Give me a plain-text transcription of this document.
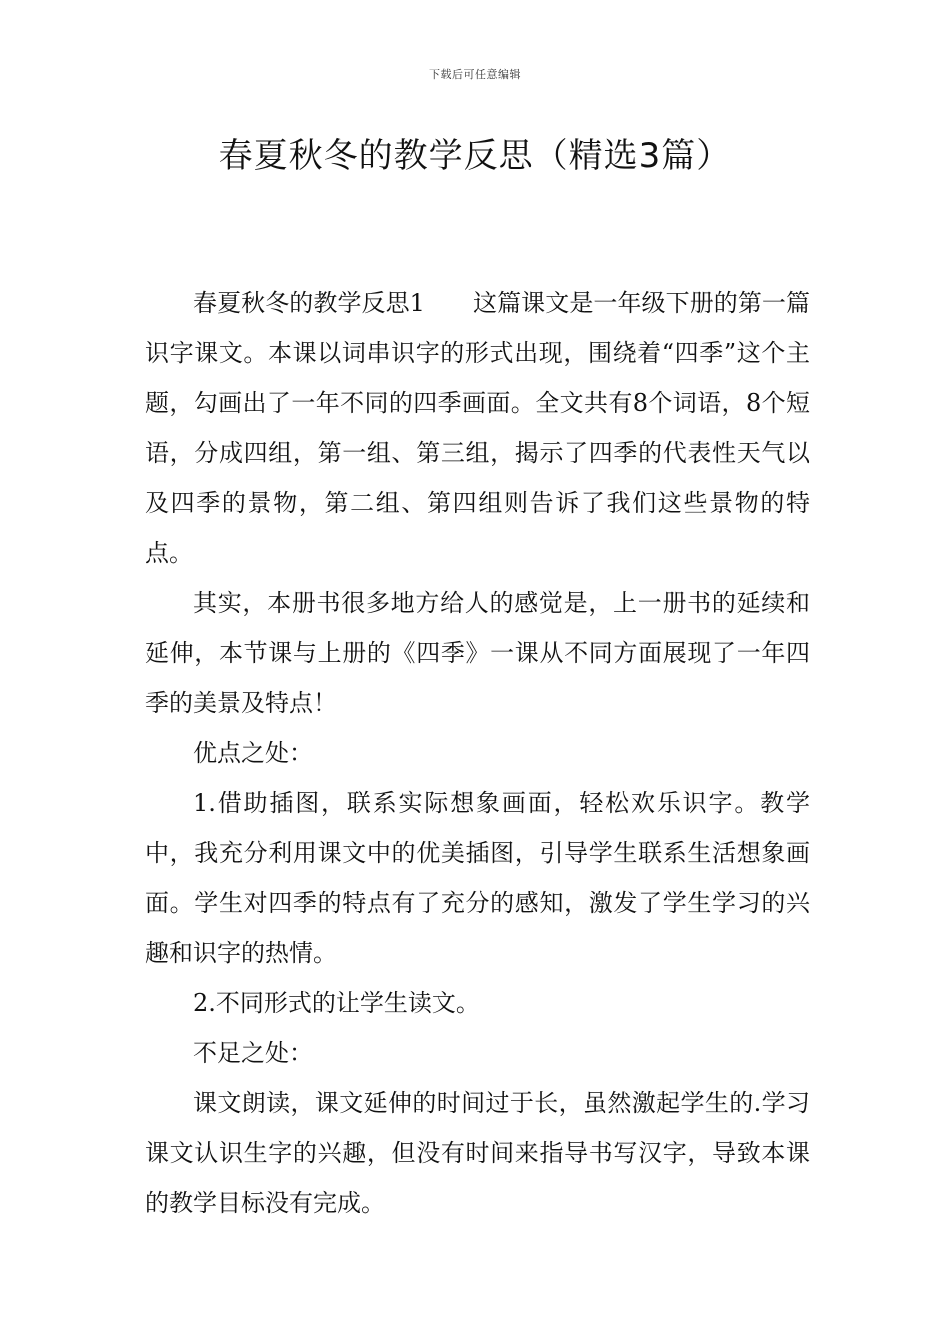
下载后可任意编辑
春夏秋冬的教学反思（精选3篇）

春夏秋冬的教学反思1 这篇课文是一年级下册的第一篇识字课文。本课以词串识字的形式出现，围绕着“四季”这个主题，勾画出了一年不同的四季画面。全文共有8个词语，8个短语，分成四组，第一组、第三组，揭示了四季的代表性天气以及四季的景物，第二组、第四组则告诉了我们这些景物的特点。

其实，本册书很多地方给人的感觉是，上一册书的延续和延伸，本节课与上册的《四季》一课从不同方面展现了一年四季的美景及特点！

优点之处：

1.借助插图，联系实际想象画面，轻松欢乐识字。教学中，我充分利用课文中的优美插图，引导学生联系生活想象画面。学生对四季的特点有了充分的感知，激发了学生学习的兴趣和识字的热情。

2.不同形式的让学生读文。

不足之处：

课文朗读，课文延伸的时间过于长，虽然激起学生的.学习课文认识生字的兴趣，但没有时间来指导书写汉字，导致本课的教学目标没有完成。
